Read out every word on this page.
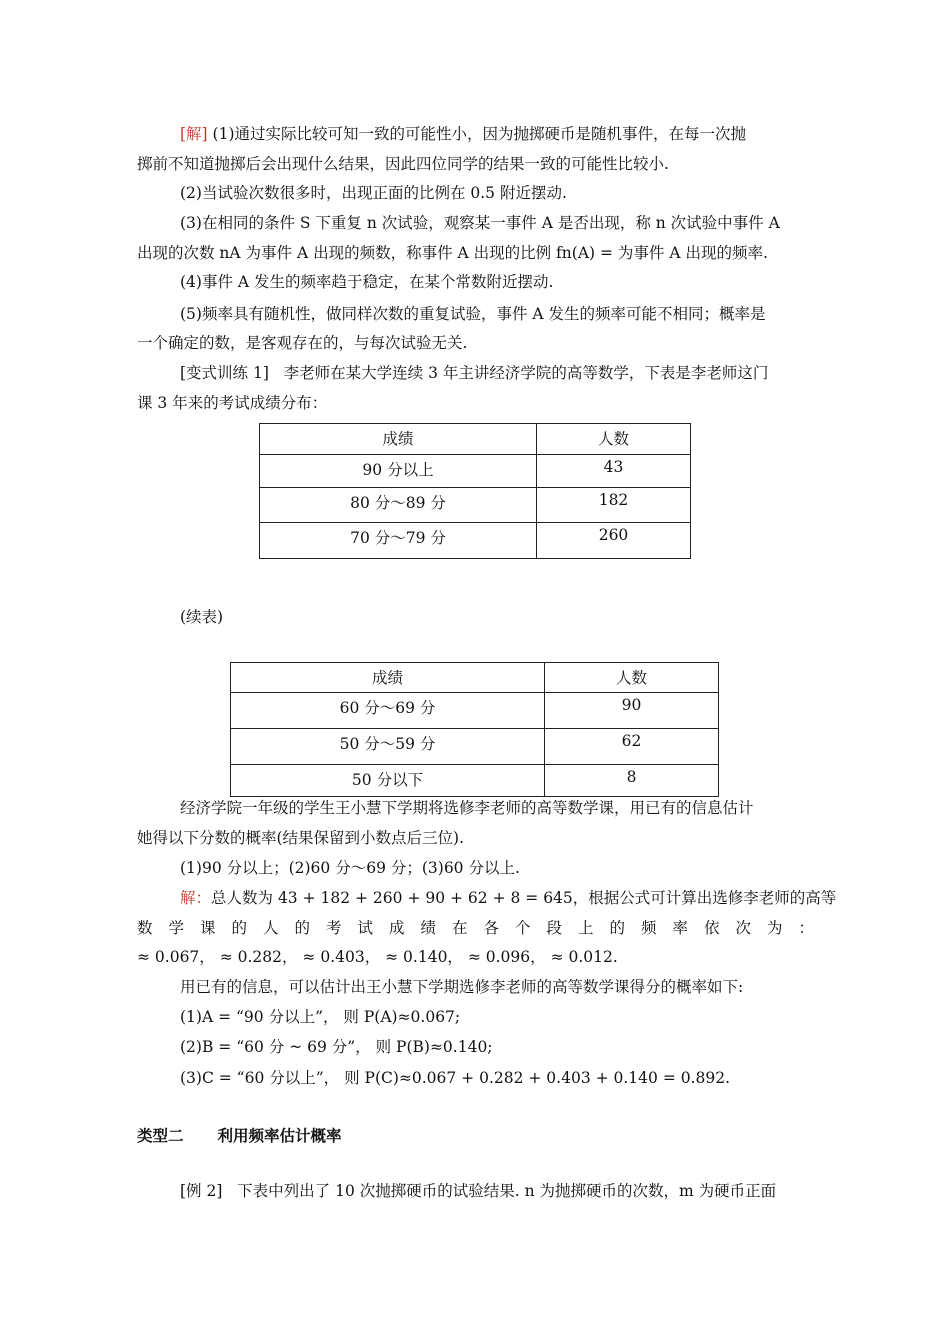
[解] (1)通过实际比较可知一致的可能性小，因为抛掷硬币是随机事件，在每一次抛
掷前不知道抛掷后会出现什么结果，因此四位同学的结果一致的可能性比较小.
(2)当试验次数很多时，出现正面的比例在 0.5 附近摆动.
(3)在相同的条件 S 下重复 n 次试验，观察某一事件 A 是否出现，称 n 次试验中事件 A
出现的次数 nA 为事件 A 出现的频数，称事件 A 出现的比例 fn(A) = 为事件 A 出现的频率.
(4)事件 A 发生的频率趋于稳定，在某个常数附近摆动.
(5)频率具有随机性，做同样次数的重复试验，事件 A 发生的频率可能不相同；概率是
一个确定的数，是客观存在的，与每次试验无关.
[变式训练 1] 李老师在某大学连续 3 年主讲经济学院的高等数学，下表是李老师这门
课 3 年来的考试成绩分布：
成绩	人数
90 分以上	43
80 分～89 分	182
70 分～79 分	260
(续表)
成绩	人数
60 分～69 分	90
50 分～59 分	62
50 分以下	8
经济学院一年级的学生王小慧下学期将选修李老师的高等数学课，用已有的信息估计
她得以下分数的概率(结果保留到小数点后三位).
(1)90 分以上；(2)60 分～69 分；(3)60 分以上.
解：总人数为 43 + 182 + 260 + 90 + 62 + 8 = 645，根据公式可计算出选修李老师的高等
数 学 课 的 人 的 考 试 成 绩 在 各 个 段 上 的 频 率 依 次 为 ：
≈ 0.067， ≈ 0.282， ≈ 0.403， ≈ 0.140， ≈ 0.096， ≈ 0.012.
用已有的信息，可以估计出王小慧下学期选修李老师的高等数学课得分的概率如下:
(1)A = “90 分以上”， 则 P(A)≈0.067;
(2)B = “60 分 ~ 69 分”， 则 P(B)≈0.140;
(3)C = “60 分以上”， 则 P(C)≈0.067 + 0.282 + 0.403 + 0.140 = 0.892.
类型二 利用频率估计概率
[例 2] 下表中列出了 10 次抛掷硬币的试验结果. n 为抛掷硬币的次数，m 为硬币正面
